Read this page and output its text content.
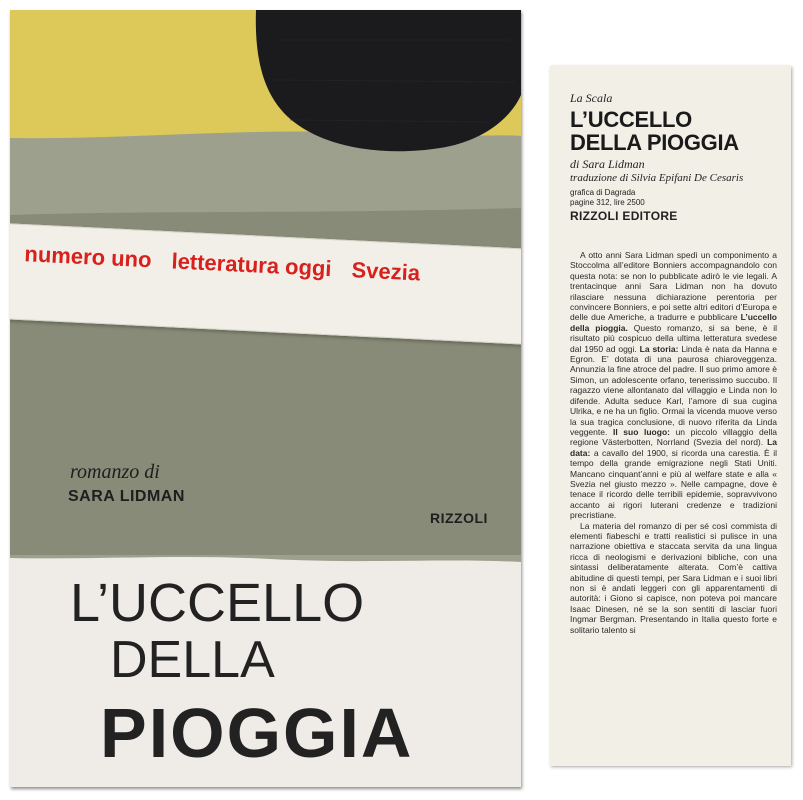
numero uno letteratura oggi Svezia

romanzo di

SARA LIDMAN

RIZZOLI

L’UCCELLO

DELLA

PIOGGIA

La Scala

L’UCCELLO
DELLA PIOGGIA

di Sara Lidman

traduzione di Silvia Epifani De Cesaris

grafica di Dagrada
pagine 312, lire 2500

RIZZOLI EDITORE

A otto anni Sara Lidman spedì un componimento a Stoccolma all’editore Bonniers accompagnandolo con questa nota: se non lo pubblicate adirò le vie legali. A trentacinque anni Sara Lidman non ha dovuto rilasciare nessuna dichiarazione perentoria per convincere Bonniers, e poi sette altri editori d’Europa e delle due Americhe, a tradurre e pubblicare L’uccello della pioggia. Questo romanzo, si sa bene, è il risultato più cospicuo della ultima letteratura svedese dal 1950 ad oggi. La storia: Linda è nata da Hanna e Egron. E’ dotata di una paurosa chiaroveggenza. Annunzia la fine atroce del padre. Il suo primo amore è Simon, un adolescente orfano, tenerissimo succubo. Il ragazzo viene allontanato dal villaggio e Linda non lo difende. Adulta seduce Karl, l’amore di sua cugina Ulrika, e ne ha un figlio. Ormai la vicenda muove verso la sua tragica conclusione, di nuovo riferita da Linda veggente. Il suo luogo: un piccolo villaggio della regione Västerbotten, Norrland (Svezia del nord). La data: a cavallo del 1900, si ricorda una carestia. È il tempo della grande emigrazione negli Stati Uniti. Mancano cinquant’anni e più al welfare state e alla « Svezia nel giusto mezzo ». Nelle campagne, dove è tenace il ricordo delle terribili epidemie, sopravvivono accanto ai rigori luterani credenze e tradizioni precristiane.

La materia del romanzo di per sé così commista di elementi fiabeschi e tratti realistici si pulisce in una narrazione obiettiva e staccata servita da una lingua ricca di neologismi e derivazioni bibliche, con una sintassi deliberatamente alterata. Com’è cattiva abitudine di questi tempi, per Sara Lidman e i suoi libri non si è andati leggeri con gli apparentamenti di autorità: i Giono si capisce, non poteva poi mancare Isaac Dinesen, né se la son sentiti di lasciar fuori Ingmar Bergman. Presentando in Italia questo forte e solitario talento si
